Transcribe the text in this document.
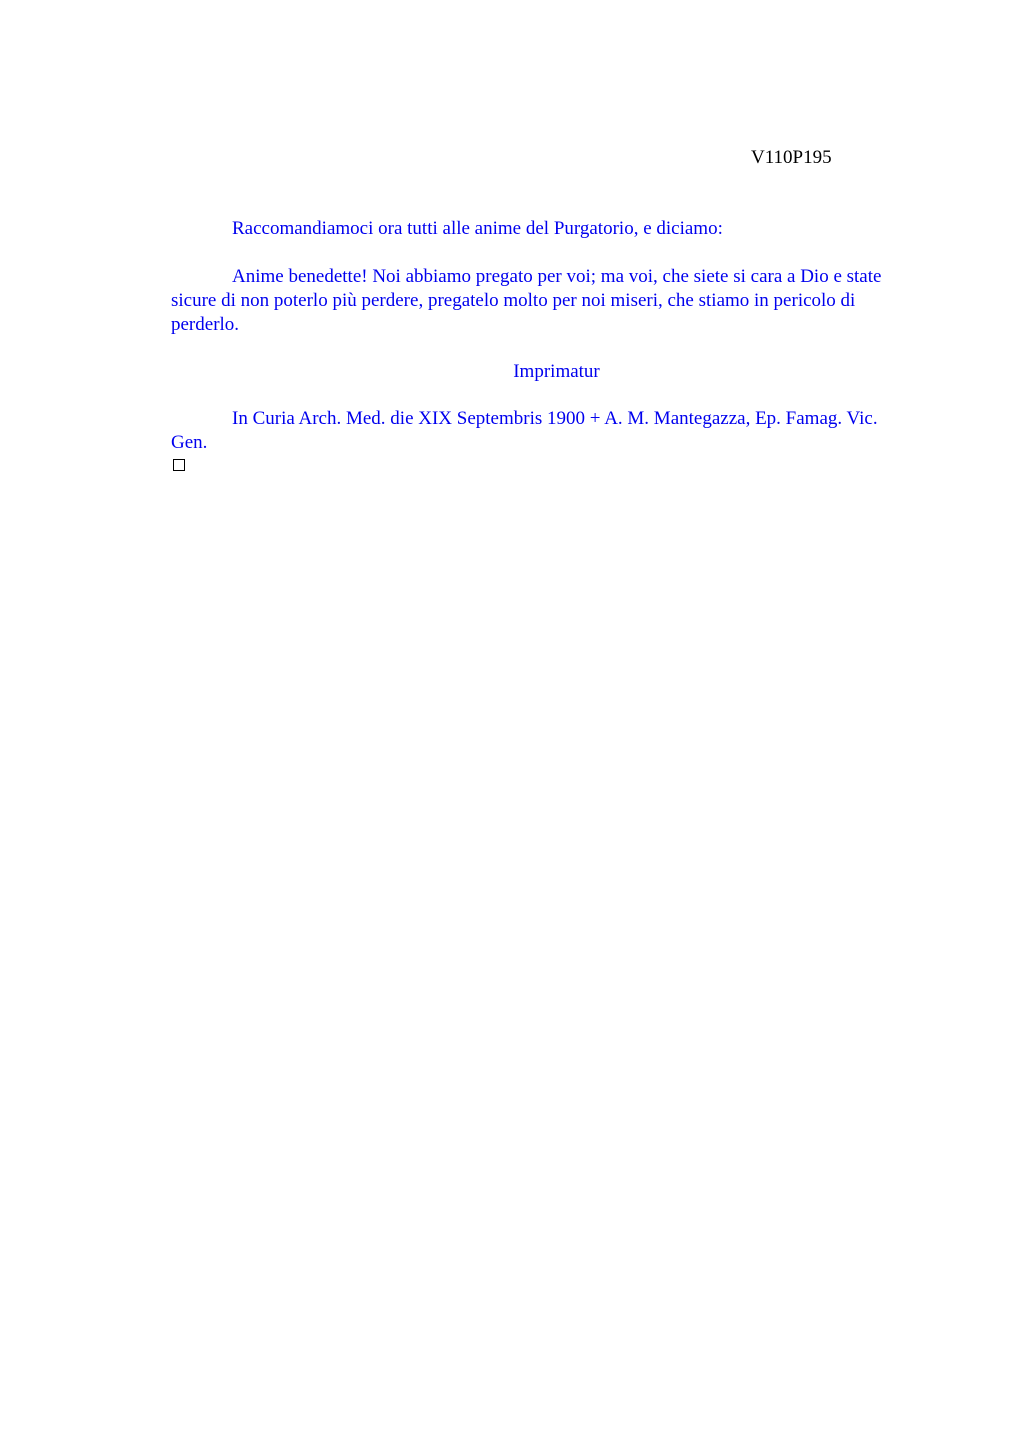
V110P195

Raccomandiamoci ora tutti alle anime del Purgatorio, e diciamo:

Anime benedette! Noi abbiamo pregato per voi; ma voi, che siete si cara a Dio e state sicure di non poterlo più perdere, pregatelo molto per noi miseri, che stiamo in pericolo di perderlo.

Imprimatur

In Curia Arch. Med. die XIX Septembris 1900 + A. M. Mantegazza, Ep. Famag. Vic. Gen.
